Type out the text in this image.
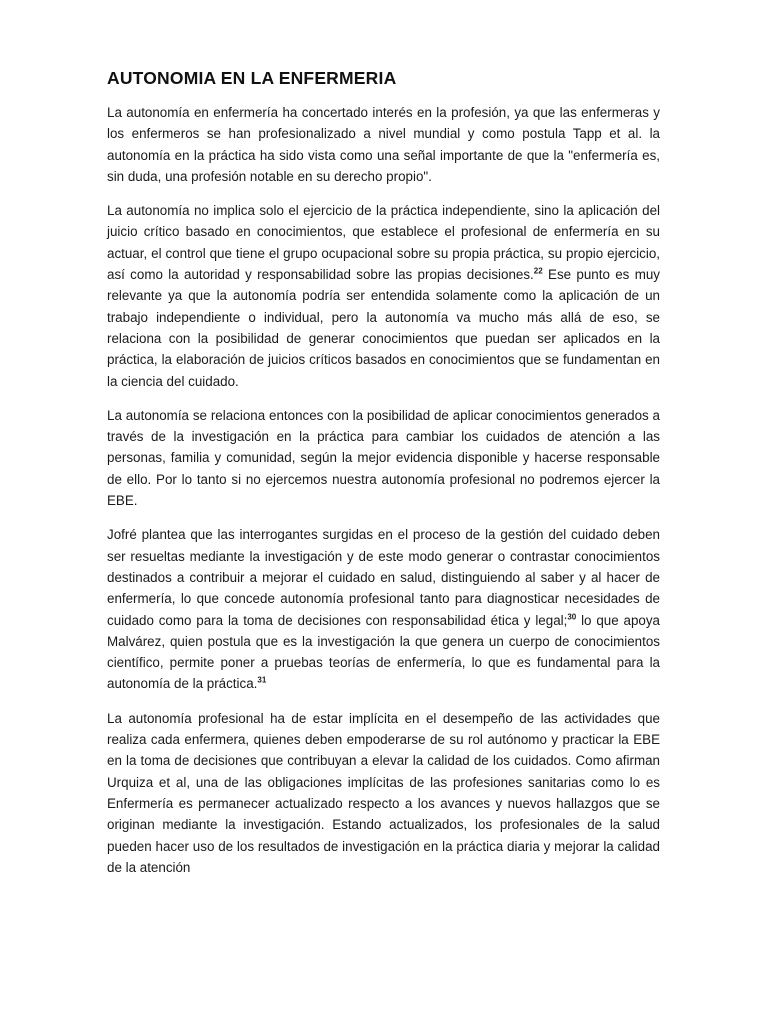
AUTONOMIA EN LA ENFERMERIA

La autonomía en enfermería ha concertado interés en la profesión, ya que las enfermeras y los enfermeros se han profesionalizado a nivel mundial y como postula Tapp et al. la autonomía en la práctica ha sido vista como una señal importante de que la "enfermería es, sin duda, una profesión notable en su derecho propio".

La autonomía no implica solo el ejercicio de la práctica independiente, sino la aplicación del juicio crítico basado en conocimientos, que establece el profesional de enfermería en su actuar, el control que tiene el grupo ocupacional sobre su propia práctica, su propio ejercicio, así como la autoridad y responsabilidad sobre las propias decisiones.$^{22}$ Ese punto es muy relevante ya que la autonomía podría ser entendida solamente como la aplicación de un trabajo independiente o individual, pero la autonomía va mucho más allá de eso, se relaciona con la posibilidad de generar conocimientos que puedan ser aplicados en la práctica, la elaboración de juicios críticos basados en conocimientos que se fundamentan en la ciencia del cuidado.

La autonomía se relaciona entonces con la posibilidad de aplicar conocimientos generados a través de la investigación en la práctica para cambiar los cuidados de atención a las personas, familia y comunidad, según la mejor evidencia disponible y hacerse responsable de ello. Por lo tanto si no ejercemos nuestra autonomía profesional no podremos ejercer la EBE.

Jofré plantea que las interrogantes surgidas en el proceso de la gestión del cuidado deben ser resueltas mediante la investigación y de este modo generar o contrastar conocimientos destinados a contribuir a mejorar el cuidado en salud, distinguiendo al saber y al hacer de enfermería, lo que concede autonomía profesional tanto para diagnosticar necesidades de cuidado como para la toma de decisiones con responsabilidad ética y legal;$^{30}$ lo que apoya Malvárez, quien postula que es la investigación la que genera un cuerpo de conocimientos científico, permite poner a pruebas teorías de enfermería, lo que es fundamental para la autonomía de la práctica.$^{31}$

La autonomía profesional ha de estar implícita en el desempeño de las actividades que realiza cada enfermera, quienes deben empoderarse de su rol autónomo y practicar la EBE en la toma de decisiones que contribuyan a elevar la calidad de los cuidados. Como afirman Urquiza et al, una de las obligaciones implícitas de las profesiones sanitarias como lo es Enfermería es permanecer actualizado respecto a los avances y nuevos hallazgos que se originan mediante la investigación. Estando actualizados, los profesionales de la salud pueden hacer uso de los resultados de investigación en la práctica diaria y mejorar la calidad de la atención
